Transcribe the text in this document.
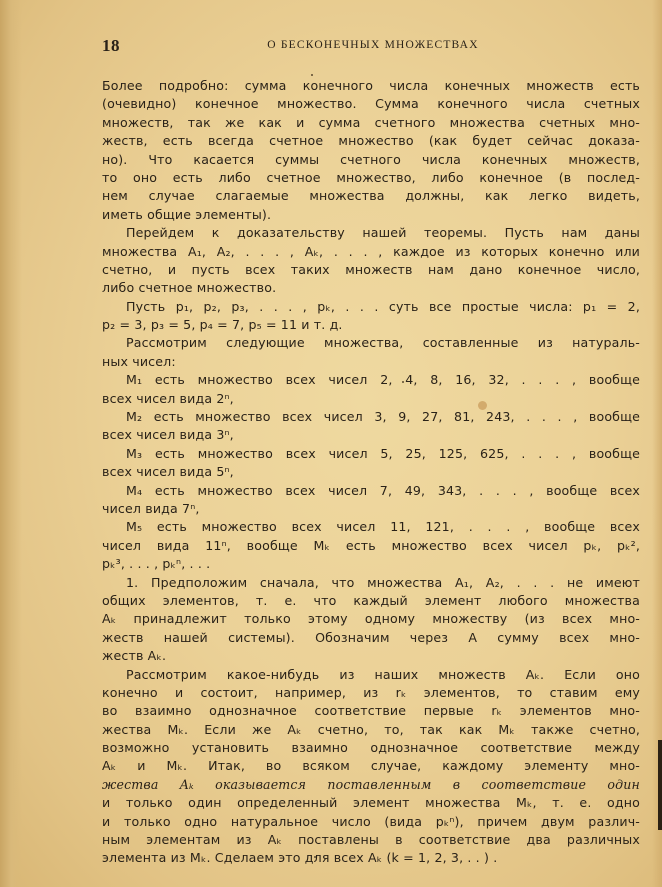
18	О БЕСКОНЕЧНЫХ МНОЖЕСТВАХ
Более подробно: сумма конечного числа конечных множеств есть
(очевидно) конечное множество. Сумма конечного числа счетных
множеств, так же как и сумма счетного множества счетных мно-
жеств, есть всегда счетное множество (как будет сейчас доказа-
но). Что касается суммы счетного числа конечных множеств,
то оно есть либо счетное множество, либо конечное (в послед-
нем случае слагаемые множества должны, как легко видеть,
иметь общие элементы).
Перейдем к доказательству нашей теоремы. Пусть нам даны
множества A₁, A₂, . . . , Aₖ, . . . , каждое из которых конечно или
счетно, и пусть всех таких множеств нам дано конечное число,
либо счетное множество.
Пусть p₁, p₂, p₃, . . . , pₖ, . . . суть все простые числа: p₁ = 2,
p₂ = 3, p₃ = 5, p₄ = 7, p₅ = 11 и т. д.
Рассмотрим следующие множества, составленные из натураль-
ных чисел:
M₁ есть множество всех чисел 2, 4, 8, 16, 32, . . . , вообще
всех чисел вида 2ⁿ,
M₂ есть множество всех чисел 3, 9, 27, 81, 243, . . . , вообще
всех чисел вида 3ⁿ,
M₃ есть множество всех чисел 5, 25, 125, 625, . . . , вообще
всех чисел вида 5ⁿ,
M₄ есть множество всех чисел 7, 49, 343, . . . , вообще всех
чисел вида 7ⁿ,
M₅ есть множество всех чисел 11, 121, . . . , вообще всех
чисел вида 11ⁿ, вообще Mₖ есть множество всех чисел pₖ, pₖ²,
pₖ³, . . . , pₖⁿ, . . .
1. Предположим сначала, что множества A₁, A₂, . . . не имеют
общих элементов, т. е. что каждый элемент любого множества
Aₖ принадлежит только этому одному множеству (из всех мно-
жеств нашей системы). Обозначим через A сумму всех мно-
жеств Aₖ.
Рассмотрим какое-нибудь из наших множеств Aₖ. Если оно
конечно и состоит, например, из rₖ элементов, то ставим ему
во взаимно однозначное соответствие первые rₖ элементов мно-
жества Mₖ. Если же Aₖ счетно, то, так как Mₖ также счетно,
возможно установить взаимно однозначное соответствие между
Aₖ и Mₖ. Итак, во всяком случае, каждому элементу мно-
жества Aₖ оказывается поставленным в соответствие один
и только один определенный элемент множества Mₖ, т. е. одно
и только одно натуральное число (вида pₖⁿ), причем двум различ-
ным элементам из Aₖ поставлены в соответствие два различных
элемента из Mₖ. Сделаем это для всех Aₖ (k = 1, 2, 3, . . ) .
